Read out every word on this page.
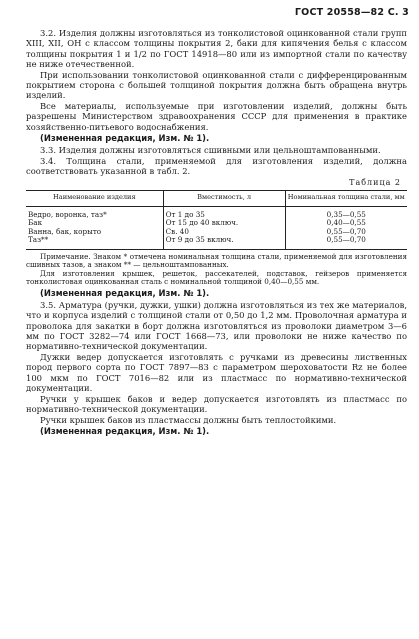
ГОСТ 20558—82 С. 3

3.2. Изделия должны изготовляться из тонколистовой оцинкованной стали групп XIII, XII, ОН с классом толщины покрытия 2, баки для кипячения белья с классом толщины покрытия 1 и 1/2 по ГОСТ 14918—80 или из импортной стали по качеству не ниже отечественной.

При использовании тонколистовой оцинкованной стали с дифференцированным покрытием сторона с большей толщиной покрытия должна быть обращена внутрь изделий.

Все материалы, используемые при изготовлении изделий, должны быть разрешены Министерством здравоохранения СССР для применения в практике хозяйственно-питьевого водоснабжения.

(Измененная редакция, Изм. № 1).

3.3. Изделия должны изготовляться сшивными или цельноштампованными.

3.4. Толщина стали, применяемой для изготовления изделий, должна соответствовать указанной в табл. 2.

Таблица 2
Наименование изделия	Вместимость, л	Номинальная толщина стали, мм
Ведро, воронка, таз*	От 1 до 35	0,35—0,55
Бак	От 15 до 40 включ.	0,40—0,55
Ванна, бак, корыто	Св. 40	0,55—0,70
Таз**	От 9 до 35 включ.	0,55—0,70

Примечание. Знаком * отмечена номинальная толщина стали, применяемой для изготовления сшивных тазов, а знаком ** — цельноштампованных.

Для изготовления крышек, решеток, рассекателей, подставок, гейзеров применяется тонколистовая оцинкованная сталь с номинальной толщиной 0,40—0,55 мм.

(Измененная редакция, Изм. № 1).

3.5. Арматура (ручки, дужки, ушки) должна изготовляться из тех же материалов, что и корпуса изделий с толщиной стали от 0,50 до 1,2 мм. Проволочная арматура и проволока для закатки в борт должна изготовляться из проволоки диаметром 3—6 мм по ГОСТ 3282—74 или ГОСТ 1668—73, или проволоки не ниже качество по нормативно-технической документации.

Дужки ведер допускается изготовлять с ручками из древесины лиственных пород первого сорта по ГОСТ 7897—83 с параметром шероховатости Rz не более 100 мкм по ГОСТ 7016—82 или из пластмасс по нормативно-технической документации.

Ручки у крышек баков и ведер допускается изготовлять из пластмасс по нормативно-технической документации.

Ручки крышек баков из пластмассы должны быть теплостойкими.

(Измененная редакция, Изм. № 1).
